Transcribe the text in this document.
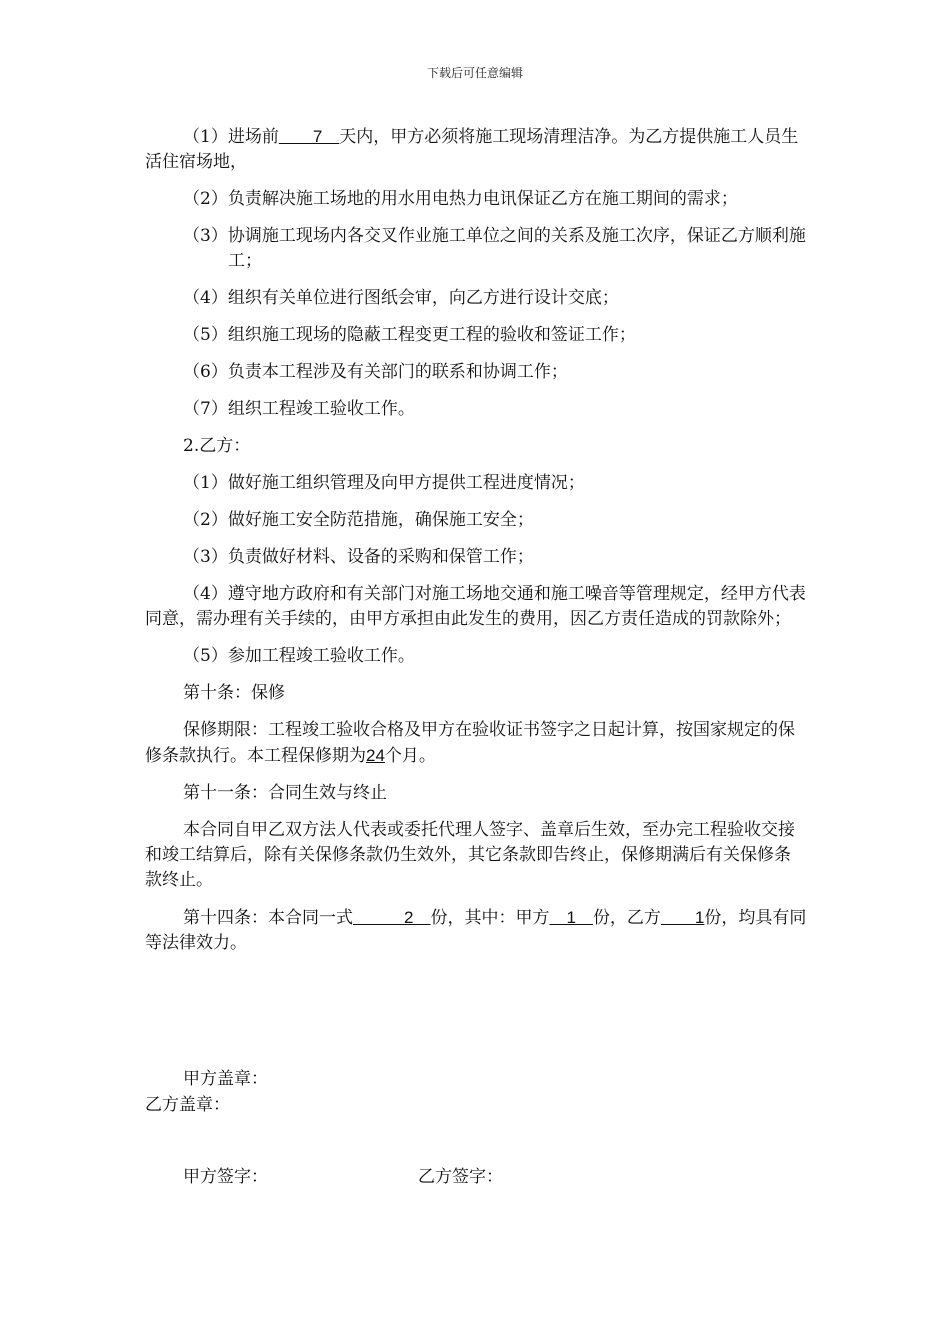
下载后可任意编辑

（1）进场前　　7　天内，甲方必须将施工现场清理洁净。为乙方提供施工人员生活住宿场地，

（2）负责解决施工场地的用水用电热力电讯保证乙方在施工期间的需求；

（3）协调施工现场内各交叉作业施工单位之间的关系及施工次序，保证乙方顺利施工；

（4）组织有关单位进行图纸会审，向乙方进行设计交底；

（5）组织施工现场的隐蔽工程变更工程的验收和签证工作；

（6）负责本工程涉及有关部门的联系和协调工作；

（7）组织工程竣工验收工作。

2.乙方：

（1）做好施工组织管理及向甲方提供工程进度情况；

（2）做好施工安全防范措施，确保施工安全；

（3）负责做好材料、设备的采购和保管工作；

（4）遵守地方政府和有关部门对施工场地交通和施工噪音等管理规定，经甲方代表同意，需办理有关手续的，由甲方承担由此发生的费用，因乙方责任造成的罚款除外；

（5）参加工程竣工验收工作。

第十条：保修

保修期限：工程竣工验收合格及甲方在验收证书签字之日起计算，按国家规定的保修条款执行。本工程保修期为24个月。

第十一条：合同生效与终止

本合同自甲乙双方法人代表或委托代理人签字、盖章后生效，至办完工程验收交接和竣工结算后，除有关保修条款仍生效外，其它条款即告终止，保修期满后有关保修条款终止。

第十四条：本合同一式　　　2　份，其中：甲方　1　份，乙方　　1份，均具有同等法律效力。

甲方盖章：
乙方盖章：
甲方签字：	乙方签字：
